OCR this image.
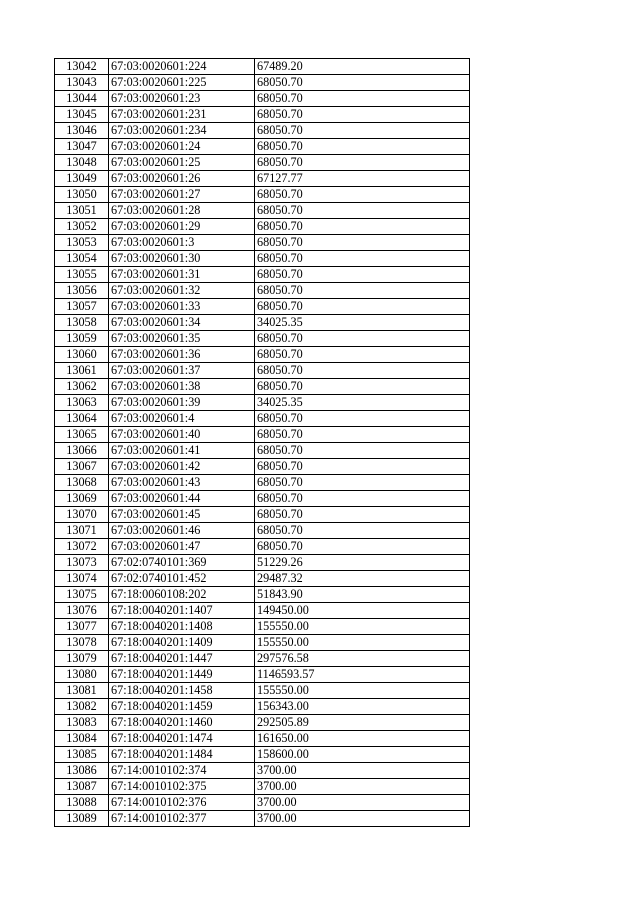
13042	67:03:0020601:224	67489.20
13043	67:03:0020601:225	68050.70
13044	67:03:0020601:23	68050.70
13045	67:03:0020601:231	68050.70
13046	67:03:0020601:234	68050.70
13047	67:03:0020601:24	68050.70
13048	67:03:0020601:25	68050.70
13049	67:03:0020601:26	67127.77
13050	67:03:0020601:27	68050.70
13051	67:03:0020601:28	68050.70
13052	67:03:0020601:29	68050.70
13053	67:03:0020601:3	68050.70
13054	67:03:0020601:30	68050.70
13055	67:03:0020601:31	68050.70
13056	67:03:0020601:32	68050.70
13057	67:03:0020601:33	68050.70
13058	67:03:0020601:34	34025.35
13059	67:03:0020601:35	68050.70
13060	67:03:0020601:36	68050.70
13061	67:03:0020601:37	68050.70
13062	67:03:0020601:38	68050.70
13063	67:03:0020601:39	34025.35
13064	67:03:0020601:4	68050.70
13065	67:03:0020601:40	68050.70
13066	67:03:0020601:41	68050.70
13067	67:03:0020601:42	68050.70
13068	67:03:0020601:43	68050.70
13069	67:03:0020601:44	68050.70
13070	67:03:0020601:45	68050.70
13071	67:03:0020601:46	68050.70
13072	67:03:0020601:47	68050.70
13073	67:02:0740101:369	51229.26
13074	67:02:0740101:452	29487.32
13075	67:18:0060108:202	51843.90
13076	67:18:0040201:1407	149450.00
13077	67:18:0040201:1408	155550.00
13078	67:18:0040201:1409	155550.00
13079	67:18:0040201:1447	297576.58
13080	67:18:0040201:1449	1146593.57
13081	67:18:0040201:1458	155550.00
13082	67:18:0040201:1459	156343.00
13083	67:18:0040201:1460	292505.89
13084	67:18:0040201:1474	161650.00
13085	67:18:0040201:1484	158600.00
13086	67:14:0010102:374	3700.00
13087	67:14:0010102:375	3700.00
13088	67:14:0010102:376	3700.00
13089	67:14:0010102:377	3700.00
